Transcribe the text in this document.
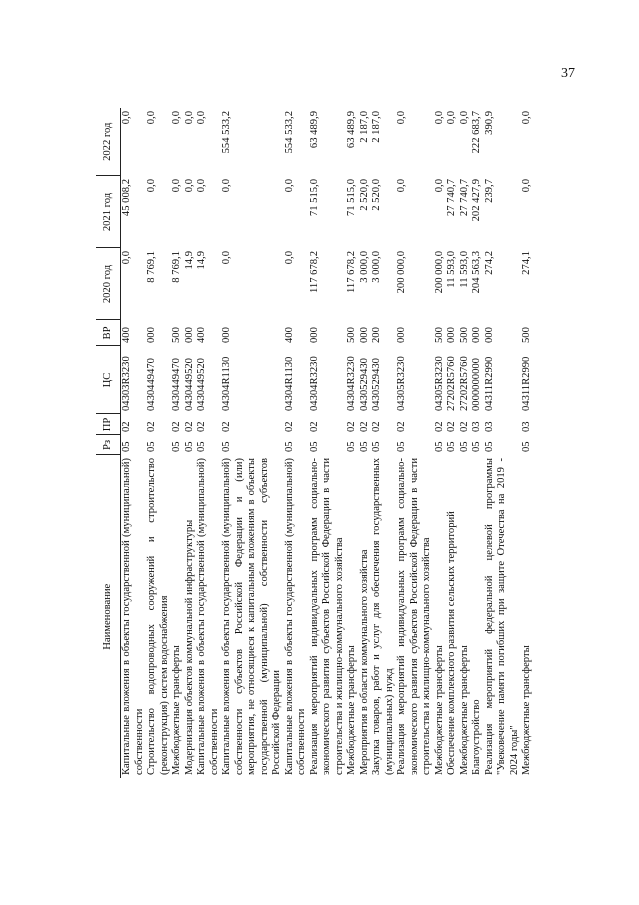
37
Наименование	Рз	ПР	ЦС	ВР	2020 год	2021 год	2022 год
Капитальные вложения в объекты государственной (муниципальной) собственности	05	02	04303R3230	400	0,0	45 008,2	0,0
Строительство водопроводных сооружений и строительство (реконструкция) систем водоснабжения	05	02	0430449470	000	8 769,1	0,0	0,0
Межбюджетные трансферты	05	02	0430449470	500	8 769,1	0,0	0,0
Модернизация объектов коммунальной инфраструктуры	05	02	0430449520	000	14,9	0,0	0,0
Капитальные вложения в объекты государственной (муниципальной) собственности	05	02	0430449520	400	14,9	0,0	0,0
Капитальные вложения в объекты государственной (муниципальной) собственности субъектов Российской Федерации и (или) мероприятия, не относящиеся к капитальным вложениям в объекты государственной (муниципальной) собственности субъектов Российской Федерации	05	02	04304R1130	000	0,0	0,0	554 533,2
Капитальные вложения в объекты государственной (муниципальной) собственности	05	02	04304R1130	400	0,0	0,0	554 533,2
Реализация мероприятий индивидуальных программ социально-экономического развития субъектов Российской Федерации в части строительства и жилищно-коммунального хозяйства	05	02	04304R3230	000	117 678,2	71 515,0	63 489,9
Межбюджетные трансферты	05	02	04304R3230	500	117 678,2	71 515,0	63 489,9
Мероприятия в области коммунального хозяйства	05	02	0430529430	000	3 000,0	2 520,0	2 187,0
Закупка товаров, работ и услуг для обеспечения государственных (муниципальных) нужд	05	02	0430529430	200	3 000,0	2 520,0	2 187,0
Реализация мероприятий индивидуальных программ социально-экономического развития субъектов Российской Федерации в части строительства и жилищно-коммунального хозяйства	05	02	04305R3230	000	200 000,0	0,0	0,0
Межбюджетные трансферты	05	02	04305R3230	500	200 000,0	0,0	0,0
Обеспечение комплексного развития сельских территорий	05	02	27202R5760	000	11 593,0	27 740,7	0,0
Межбюджетные трансферты	05	02	27202R5760	500	11 593,0	27 740,7	0,0
Благоустройство	05	03	0000000000	000	204 563,3	202 427,9	222 683,7
Реализация мероприятий федеральной целевой программы "Увековечение памяти погибших при защите Отечества на 2019 - 2024 годы"	05	03	04311R2990	000	274,2	239,7	390,9
Межбюджетные трансферты	05	03	04311R2990	500	274,1	0,0	0,0
